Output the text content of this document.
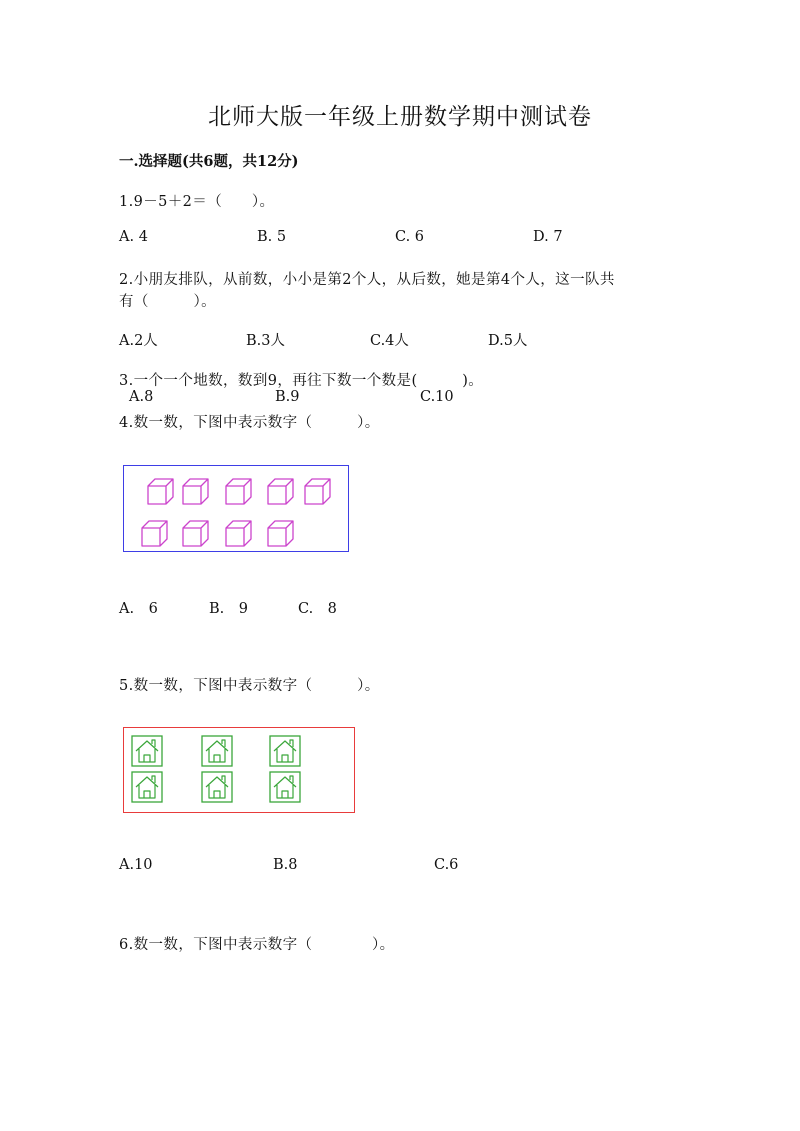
北师大版一年级上册数学期中测试卷
一.选择题(共6题，共12分)
1.9－5＋2＝（　　）。
A. 4	B. 5	C. 6	D. 7
2.小朋友排队，从前数，小小是第2个人，从后数，她是第4个人，这一队共
有（　　　）。
A.2人	B.3人	C.4人	D.5人
3.一个一个地数，数到9，再往下数一个数是(　　　)。
A.8	B.9	C.10
4.数一数，下图中表示数字（　　　）。
A.　6	B.　9	C.　8
5.数一数，下图中表示数字（　　　）。
A.10	B.8	C.6
6.数一数，下图中表示数字（　　　　）。
